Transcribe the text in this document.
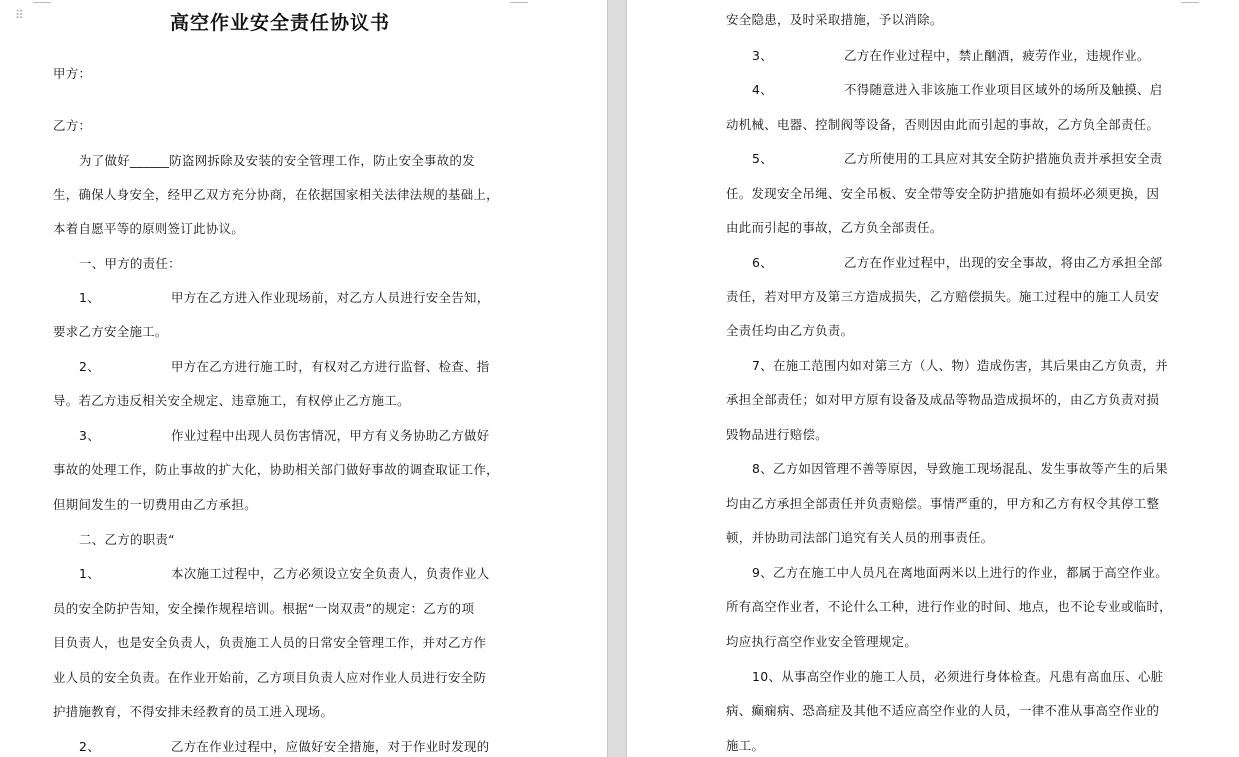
⠿	高空作业安全责任协议书
甲方：
乙方：
为了做好______防盗网拆除及安装的安全管理工作，防止安全事故的发
生，确保人身安全，经甲乙双方充分协商，在依据国家相关法律法规的基础上，
本着自愿平等的原则签订此协议。
一、甲方的责任：
1、	甲方在乙方进入作业现场前，对乙方人员进行安全告知，
要求乙方安全施工。
2、	甲方在乙方进行施工时，有权对乙方进行监督、检查、指
导。若乙方违反相关安全规定、违章施工，有权停止乙方施工。
3、	作业过程中出现人员伤害情况，甲方有义务协助乙方做好
事故的处理工作，防止事故的扩大化，协助相关部门做好事故的调查取证工作，
但期间发生的一切费用由乙方承担。
二、乙方的职责“
1、	本次施工过程中，乙方必须设立安全负责人，负责作业人
员的安全防护告知，安全操作规程培训。根据“一岗双责”的规定：乙方的项
目负责人，也是安全负责人，负责施工人员的日常安全管理工作，并对乙方作
业人员的安全负责。在作业开始前，乙方项目负责人应对作业人员进行安全防
护措施教育，不得安排未经教育的员工进入现场。
2、	乙方在作业过程中，应做好安全措施，对于作业时发现的
安全隐患，及时采取措施，予以消除。
3、	乙方在作业过程中，禁止酗酒，疲劳作业，违规作业。
4、	不得随意进入非该施工作业项目区域外的场所及触摸、启
动机械、电器、控制阀等设备，否则因由此而引起的事故，乙方负全部责任。
5、	乙方所使用的工具应对其安全防护措施负责并承担安全责
任。发现安全吊绳、安全吊板、安全带等安全防护措施如有损坏必须更换，因
由此而引起的事故，乙方负全部责任。
6、	乙方在作业过程中，出现的安全事故，将由乙方承担全部
责任，若对甲方及第三方造成损失，乙方赔偿损失。施工过程中的施工人员安
全责任均由乙方负责。
7、在施工范围内如对第三方（人、物）造成伤害，其后果由乙方负责，并
承担全部责任；如对甲方原有设备及成品等物品造成损坏的，由乙方负责对损
毁物品进行赔偿。
8、乙方如因管理不善等原因，导致施工现场混乱、发生事故等产生的后果
均由乙方承担全部责任并负责赔偿。事情严重的，甲方和乙方有权令其停工整
顿，并协助司法部门追究有关人员的刑事责任。
9、乙方在施工中人员凡在离地面两米以上进行的作业，都属于高空作业。
所有高空作业者，不论什么工种，进行作业的时间、地点，也不论专业或临时，
均应执行高空作业安全管理规定。
10、从事高空作业的施工人员，必须进行身体检查。凡患有高血压、心脏
病、癫痫病、恐高症及其他不适应高空作业的人员，一律不准从事高空作业的
施工。
